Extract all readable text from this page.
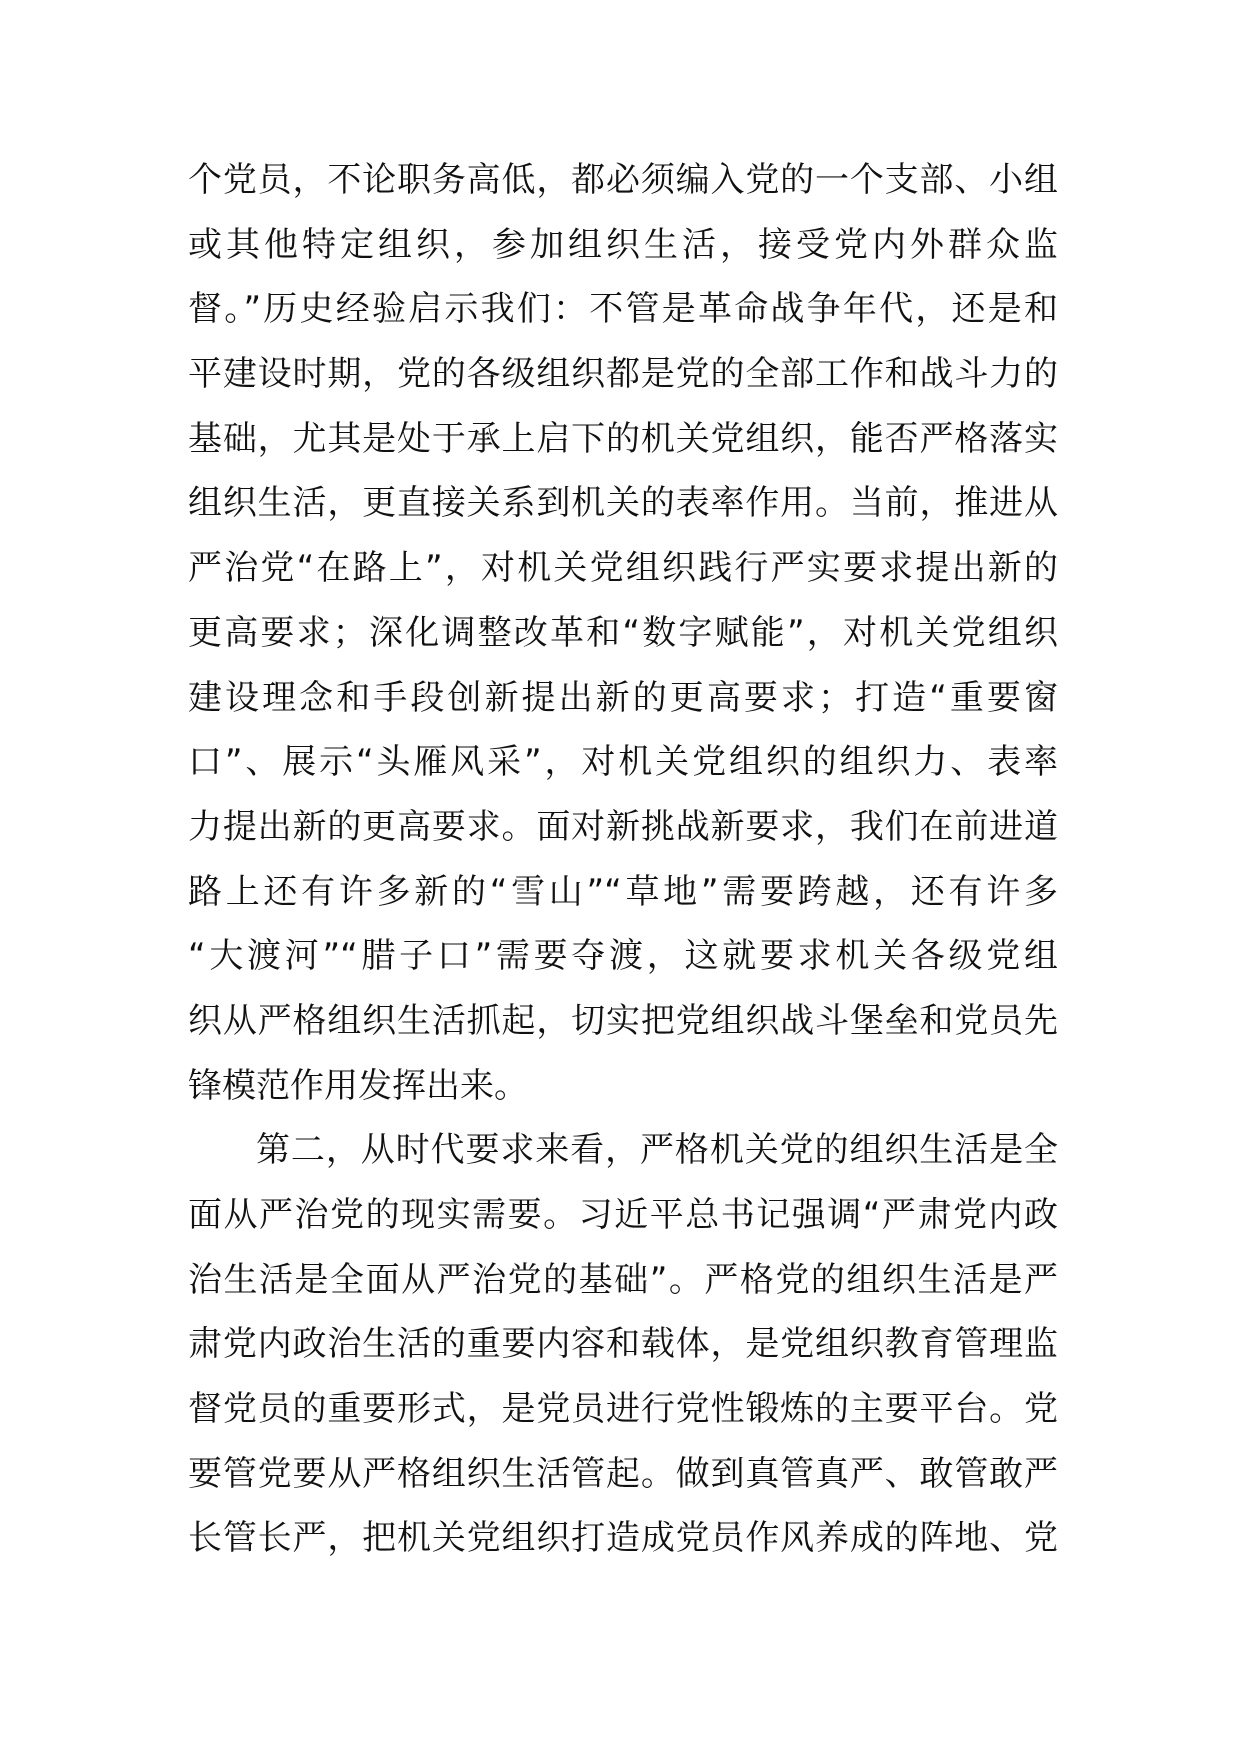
个党员，不论职务高低，都必须编入党的一个支部、小组
或其他特定组织，参加组织生活，接受党内外群众监
督。”历史经验启示我们：不管是革命战争年代，还是和
平建设时期，党的各级组织都是党的全部工作和战斗力的
基础，尤其是处于承上启下的机关党组织，能否严格落实
组织生活，更直接关系到机关的表率作用。当前，推进从
严治党“在路上”，对机关党组织践行严实要求提出新的
更高要求；深化调整改革和“数字赋能”，对机关党组织
建设理念和手段创新提出新的更高要求；打造“重要窗
口”、展示“头雁风采”，对机关党组织的组织力、表率
力提出新的更高要求。面对新挑战新要求，我们在前进道
路上还有许多新的“雪山”“草地”需要跨越，还有许多
“大渡河”“腊子口”需要夺渡，这就要求机关各级党组
织从严格组织生活抓起，切实把党组织战斗堡垒和党员先
锋模范作用发挥出来。
第二，从时代要求来看，严格机关党的组织生活是全
面从严治党的现实需要。习近平总书记强调“严肃党内政
治生活是全面从严治党的基础”。严格党的组织生活是严
肃党内政治生活的重要内容和载体，是党组织教育管理监
督党员的重要形式，是党员进行党性锻炼的主要平台。党
要管党要从严格组织生活管起。做到真管真严、敢管敢严
长管长严，把机关党组织打造成党员作风养成的阵地、党
